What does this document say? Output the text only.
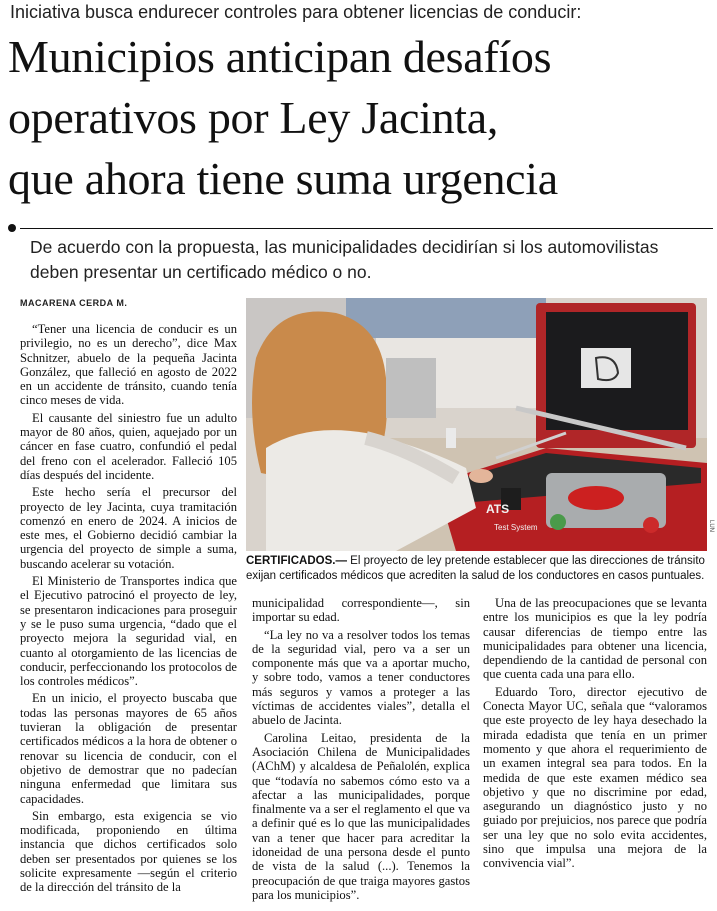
Iniciativa busca endurecer controles para obtener licencias de conducir:
Municipios anticipan desafíos
operativos por Ley Jacinta,
que ahora tiene suma urgencia
De acuerdo con la propuesta, las municipalidades decidirían si los automovilistas deben presentar un certificado médico o no.
MACARENA CERDA M.

“Tener una licencia de conducir es un privilegio, no es un derecho”, dice Max Schnitzer, abuelo de la pequeña Jacinta González, que falleció en agosto de 2022 en un accidente de tránsito, cuando tenía cinco meses de vida.

El causante del siniestro fue un adulto mayor de 80 años, quien, aquejado por un cáncer en fase cuatro, confundió el pedal del freno con el acelerador. Falleció 105 días después del incidente.

Este hecho sería el precursor del proyecto de ley Jacinta, cuya tramitación comenzó en enero de 2024. A inicios de este mes, el Gobierno decidió cambiar la urgencia del proyecto de simple a suma, buscando acelerar su votación.

El Ministerio de Transportes indica que el Ejecutivo patrocinó el proyecto de ley, se presentaron indicaciones para proseguir y se le puso suma urgencia, “dado que el proyecto mejora la seguridad vial, en cuanto al otorgamiento de las licencias de conducir, perfeccionando los protocolos de los controles médicos”.

En un inicio, el proyecto buscaba que todas las personas mayores de 65 años tuvieran la obligación de presentar certificados médicos a la hora de obtener o renovar su licencia de conducir, con el objetivo de demostrar que no padecían ninguna enfermedad que limitara sus capacidades.

Sin embargo, esta exigencia se vio modificada, proponiendo en última instancia que dichos certificados solo deben ser presentados por quienes se los solicite expresamente —según el criterio de la dirección del tránsito de la

ATS
Test System	LUN
CERTIFICADOS.— El proyecto de ley pretende establecer que las direcciones de tránsito exijan certificados médicos que acrediten la salud de los conductores en casos puntuales.

municipalidad correspondiente—, sin importar su edad.

“La ley no va a resolver todos los temas de la seguridad vial, pero va a ser un componente más que va a aportar mucho, y sobre todo, vamos a tener conductores más seguros y vamos a proteger a las víctimas de accidentes viales”, detalla el abuelo de Jacinta.

Carolina Leitao, presidenta de la Asociación Chilena de Municipalidades (AChM) y alcaldesa de Peñalolén, explica que “todavía no sabemos cómo esto va a afectar a las municipalidades, porque finalmente va a ser el reglamento el que va a definir qué es lo que las municipalidades van a tener que hacer para acreditar la idoneidad de una persona desde el punto de vista de la salud (...). Tenemos la preocupación de que traiga mayores gastos para los municipios”.

Una de las preocupaciones que se levanta entre los municipios es que la ley podría causar diferencias de tiempo entre las municipalidades para obtener una licencia, dependiendo de la cantidad de personal con que cuenta cada una para ello.

Eduardo Toro, director ejecutivo de Conecta Mayor UC, señala que “valoramos que este proyecto de ley haya desechado la mirada edadista que tenía en un primer momento y que ahora el requerimiento de un examen integral sea para todos. En la medida de que este examen médico sea objetivo y que no discrimine por edad, asegurando un diagnóstico justo y no guiado por prejuicios, nos parece que podría ser una ley que no solo evita accidentes, sino que impulsa una mejora de la convivencia vial”.
